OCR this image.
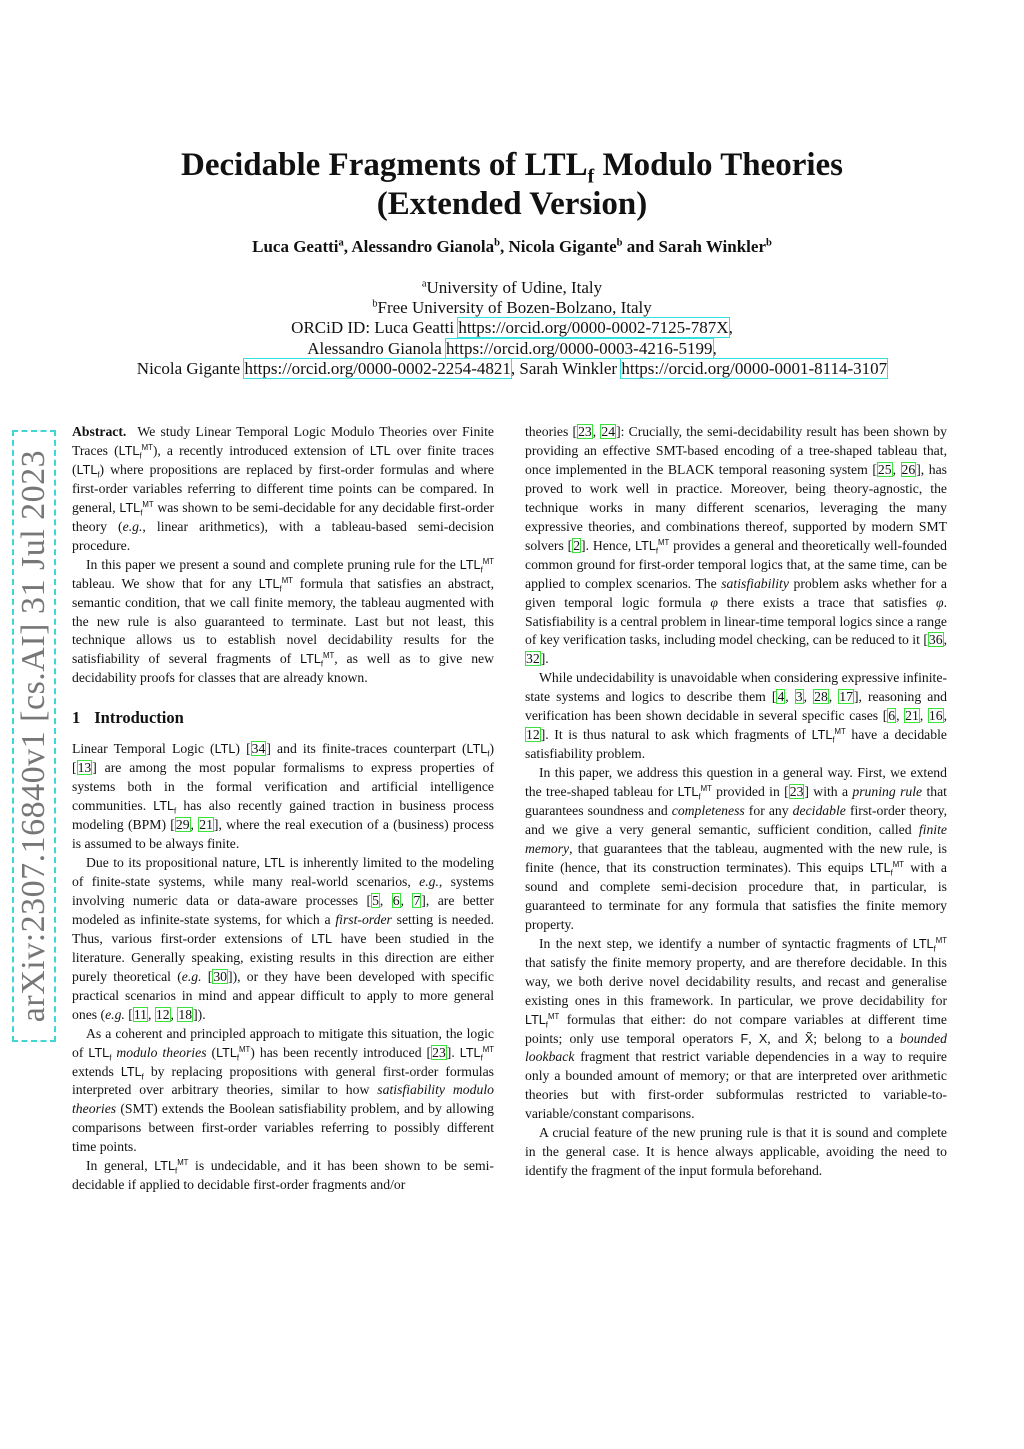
arXiv:2307.16840v1 [cs.AI] 31 Jul 2023
Decidable Fragments of $LTL_f$ Modulo Theories
(Extended Version)
Luca Geatti$^a$, Alessandro Gianola$^b$, Nicola Gigante$^b$ and Sarah Winkler$^b$
$^a$University of Udine, Italy
$^b$Free University of Bozen-Bolzano, Italy
ORCiD ID: Luca Geatti https://orcid.org/0000-0002-7125-787X,
Alessandro Gianola https://orcid.org/0000-0003-4216-5199,
Nicola Gigante https://orcid.org/0000-0002-2254-4821, Sarah Winkler https://orcid.org/0000-0001-8114-3107

Abstract. We study Linear Temporal Logic Modulo Theories over Finite Traces $(LTL_f^{MT})$, a recently introduced extension of LTL over finite traces $(LTL_f)$ where propositions are replaced by first-order formulas and where first-order variables referring to different time points can be compared. In general, $LTL_f^{MT}$ was shown to be semi-decidable for any decidable first-order theory (e.g., linear arithmetics), with a tableau-based semi-decision procedure.

In this paper we present a sound and complete pruning rule for the $LTL_f^{MT}$ tableau. We show that for any $LTL_f^{MT}$ formula that satisfies an abstract, semantic condition, that we call finite memory, the tableau augmented with the new rule is also guaranteed to terminate. Last but not least, this technique allows us to establish novel decidability results for the satisfiability of several fragments of $LTL_f^{MT}$, as well as to give new decidability proofs for classes that are already known.

1 Introduction

Linear Temporal Logic (LTL) [34] and its finite-traces counterpart $(LTL_f)$ [13] are among the most popular formalisms to express properties of systems both in the formal verification and artificial intelligence communities. $LTL_f$ has also recently gained traction in business process modeling (BPM) [29, 21], where the real execution of a (business) process is assumed to be always finite.

Due to its propositional nature, LTL is inherently limited to the modeling of finite-state systems, while many real-world scenarios, e.g., systems involving numeric data or data-aware processes [5, 6, 7], are better modeled as infinite-state systems, for which a first-order setting is needed. Thus, various first-order extensions of LTL have been studied in the literature. Generally speaking, existing results in this direction are either purely theoretical (e.g. [30]), or they have been developed with specific practical scenarios in mind and appear difficult to apply to more general ones (e.g. [11, 12, 18]).

As a coherent and principled approach to mitigate this situation, the logic of $LTL_f$ modulo theories $(LTL_f^{MT})$ has been recently introduced [23]. $LTL_f^{MT}$ extends $LTL_f$ by replacing propositions with general first-order formulas interpreted over arbitrary theories, similar to how satisfiability modulo theories (SMT) extends the Boolean satisfiability problem, and by allowing comparisons between first-order variables referring to possibly different time points.

In general, $LTL_f^{MT}$ is undecidable, and it has been shown to be semi-decidable if applied to decidable first-order fragments and/or

theories [23, 24]: Crucially, the semi-decidability result has been shown by providing an effective SMT-based encoding of a tree-shaped tableau that, once implemented in the BLACK temporal reasoning system [25, 26], has proved to work well in practice. Moreover, being theory-agnostic, the technique works in many different scenarios, leveraging the many expressive theories, and combinations thereof, supported by modern SMT solvers [2]. Hence, $LTL_f^{MT}$ provides a general and theoretically well-founded common ground for first-order temporal logics that, at the same time, can be applied to complex scenarios. The satisfiability problem asks whether for a given temporal logic formula φ there exists a trace that satisfies φ. Satisfiability is a central problem in linear-time temporal logics since a range of key verification tasks, including model checking, can be reduced to it [36, 32].

While undecidability is unavoidable when considering expressive infinite-state systems and logics to describe them [4, 3, 28, 17], reasoning and verification has been shown decidable in several specific cases [6, 21, 16, 12]. It is thus natural to ask which fragments of $LTL_f^{MT}$ have a decidable satisfiability problem.

In this paper, we address this question in a general way. First, we extend the tree-shaped tableau for $LTL_f^{MT}$ provided in [23] with a pruning rule that guarantees soundness and completeness for any decidable first-order theory, and we give a very general semantic, sufficient condition, called finite memory, that guarantees that the tableau, augmented with the new rule, is finite (hence, that its construction terminates). This equips $LTL_f^{MT}$ with a sound and complete semi-decision procedure that, in particular, is guaranteed to terminate for any formula that satisfies the finite memory property.

In the next step, we identify a number of syntactic fragments of $LTL_f^{MT}$ that satisfy the finite memory property, and are therefore decidable. In this way, we both derive novel decidability results, and recast and generalise existing ones in this framework. In particular, we prove decidability for $LTL_f^{MT}$ formulas that either: do not compare variables at different time points; only use temporal operators F, X, and X̃; belong to a bounded lookback fragment that restrict variable dependencies in a way to require only a bounded amount of memory; or that are interpreted over arithmetic theories but with first-order subformulas restricted to variable-to-variable/constant comparisons.

A crucial feature of the new pruning rule is that it is sound and complete in the general case. It is hence always applicable, avoiding the need to identify the fragment of the input formula beforehand.
